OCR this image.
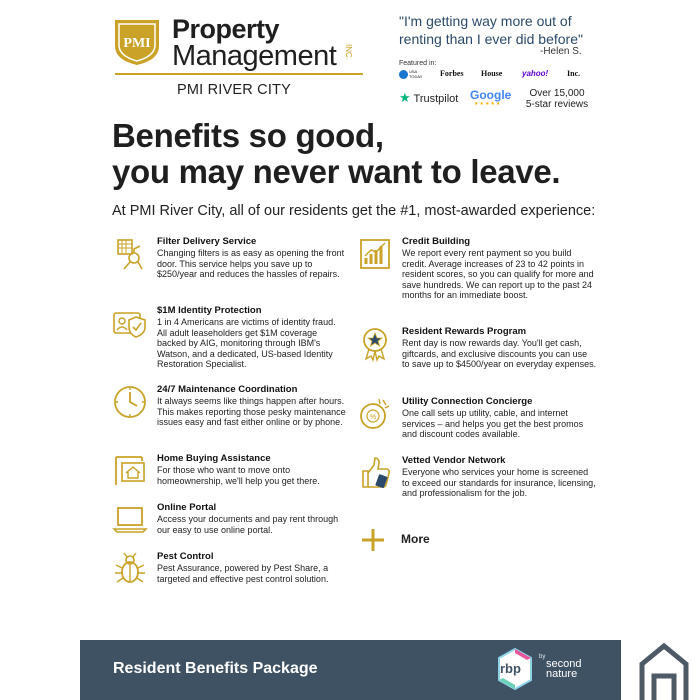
PMI Property
Management INC.
PMI RIVER CITY
"I'm getting way more out of renting than I ever did before"
-Helen S.
Featured in:
USA TODAY Forbes House yahoo! Inc.
★ Trustpilot Google
★★★★★
Over 15,000
5-star reviews
Benefits so good,
you may never want to leave.
At PMI River City, all of our residents get the #1, most-awarded experience:
Filter Delivery Service
Changing filters is as easy as opening the front door. This service helps you save up to $250/year and reduces the hassles of repairs.
$1M Identity Protection
1 in 4 Americans are victims of identity fraud. All adult leaseholders get $1M coverage backed by AIG, monitoring through IBM's Watson, and a dedicated, US-based Identity Restoration Specialist.
24/7 Maintenance Coordination
It always seems like things happen after hours. This makes reporting those pesky maintenance issues easy and fast either online or by phone.
Home Buying Assistance
For those who want to move onto homeownership, we'll help you get there.
Online Portal
Access your documents and pay rent through our easy to use online portal.
Pest Control
Pest Assurance, powered by Pest Share, a targeted and effective pest control solution.
Credit Building
We report every rent payment so you build credit. Average increases of 23 to 42 points in resident scores, so you can qualify for more and save hundreds. We can report up to the past 24 months for an immediate boost.
Resident Rewards Program
Rent day is now rewards day. You'll get cash, giftcards, and exclusive discounts you can use to save up to $4500/year on everyday expenses.
%
Utility Connection Concierge
One call sets up utility, cable, and internet services – and helps you get the best promos and discount codes available.
Vetted Vendor Network
Everyone who services your home is screened to exceed our standards for insurance, licensing, and professionalism for the job.
More
Resident Benefits Package	rbp
by
second nature
